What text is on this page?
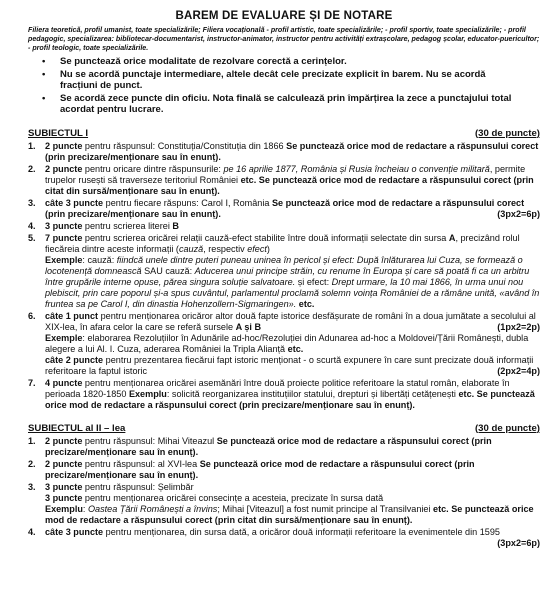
BAREM DE EVALUARE ȘI DE NOTARE
Filiera teoretică, profil umanist, toate specializările; Filiera vocațională - profil artistic, toate specializările; - profil sportiv, toate specializările; - profil pedagogic, specializarea: bibliotecar-documentarist, instructor-animator, instructor pentru activități extrașcolare, pedagog școlar, educator-puericultor; - profil teologic, toate specializările.
• Se punctează orice modalitate de rezolvare corectă a cerințelor.
• Nu se acordă punctaje intermediare, altele decât cele precizate explicit în barem. Nu se acordă fracțiuni de punct.
• Se acordă zece puncte din oficiu. Nota finală se calculează prin împărțirea la zece a punctajului total acordat pentru lucrare.
SUBIECTUL I	(30 de puncte)
1. 2 puncte pentru răspunsul: Constituția/Constituția din 1866 Se punctează orice mod de redactare a răspunsului corect (prin precizare/menționare sau în enunț).
2. 2 puncte pentru oricare dintre răspunsurile: pe 16 aprilie 1877, România și Rusia încheiau o convenție militară, permite trupelor rusești să traverseze teritoriul României etc. Se punctează orice mod de redactare a răspunsului corect (prin citat din sursă/menționare sau în enunț).
3. câte 3 puncte pentru fiecare răspuns: Carol I, România Se punctează orice mod de redactare a răspunsului corect (prin precizare/menționare sau în enunț).	(3px2=6p)
4. 3 puncte pentru scrierea literei B
5. 7 puncte pentru scrierea oricărei relații cauză-efect stabilite între două informații selectate din sursa A, precizând rolul fiecăreia dintre aceste informații (cauză, respectiv efect)
Exemple: cauză: fiindcă unele dintre puteri puneau uninea în pericol și efect: După înlăturarea lui Cuza, se formează o locotenență domnească SAU cauză: Aducerea unui principe străin, cu renume în Europa și care să poată fi ca un arbitru între grupările interne opuse, părea singura soluție salvatoare. și efect: Drept urmare, la 10 mai 1866, în urma unui nou plebiscit, prin care poporul și-a spus cuvântul, parlamentul proclamă solemn voința României de a rămâne unită, «având în fruntea sa pe Carol I, din dinastia Hohenzollern-Sigmaringen». etc.
6. câte 1 punct pentru menționarea oricăror altor două fapte istorice desfășurate de români în a doua jumătate a secolului al XIX-lea, în afara celor la care se referă sursele A și B	(1px2=2p)

Exemple: elaborarea Rezoluțiilor în Adunările ad-hoc/Rezoluției din Adunarea ad-hoc a Moldovei/Țării Românești, dubla alegere a lui Al. I. Cuza, aderarea României la Tripla Alianță etc.
câte 2 puncte pentru prezentarea fiecărui fapt istoric menționat - o scurtă expunere în care sunt precizate două informații referitoare la faptul istoric	(2px2=4p)
7. 4 puncte pentru menționarea oricărei asemănări între două proiecte politice referitoare la statul român, elaborate în perioada 1820-1850 Exemplu: solicită reorganizarea instituțiilor statului, drepturi și libertăți cetățenești etc. Se punctează orice mod de redactare a răspunsului corect (prin precizare/menționare sau în enunț).
SUBIECTUL al II – lea	(30 de puncte)
1. 2 puncte pentru răspunsul: Mihai Viteazul Se punctează orice mod de redactare a răspunsului corect (prin precizare/menționare sau în enunț).
2. 2 puncte pentru răspunsul: al XVI-lea Se punctează orice mod de redactare a răspunsului corect (prin precizare/menționare sau în enunț).
3. 3 puncte pentru răspunsul: Șelimbăr
3 puncte pentru menționarea oricărei consecințe a acesteia, precizate în sursa dată
Exemplu: Oastea Țării Românești a învins; Mihai [Viteazul] a fost numit principe al Transilvaniei etc. Se punctează orice mod de redactare a răspunsului corect (prin citat din sursă/menționare sau în enunț).
4. câte 3 puncte pentru menționarea, din sursa dată, a oricăror două informații referitoare la evenimentele din 1595
(3px2=6p)
